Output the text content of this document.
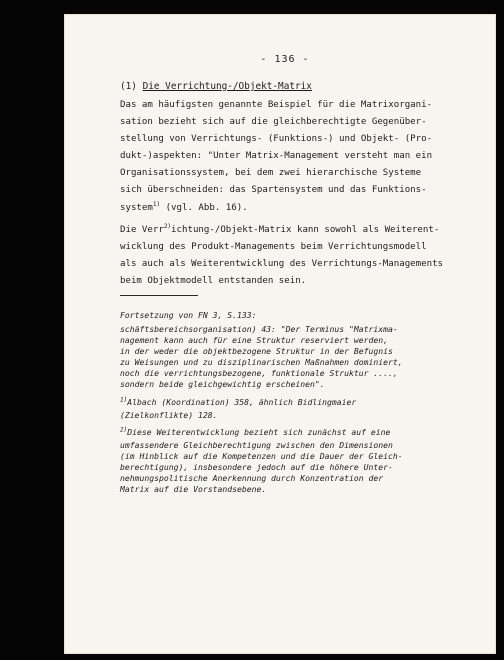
- 136 -
(1) Die Verrichtung-/Objekt-Matrix
Das am häufigsten genannte Beispiel für die Matrixorgani-
sation bezieht sich auf die gleichberechtigte Gegenüber-
stellung von Verrichtungs- (Funktions-) und Objekt- (Pro-
dukt-)aspekten: "Unter Matrix-Management versteht man ein
Organisationssystem, bei dem zwei hierarchische Systeme
sich überschneiden: das Spartensystem und das Funktions-
system$^{1)}$ (vgl. Abb. 16).
Die Verr$^{2)}$ichtung-/Objekt-Matrix kann sowohl als Weiterent-
wicklung des Produkt-Managements beim Verrichtungsmodell
als auch als Weiterentwicklung des Verrichtungs-Managements
beim Objektmodell entstanden sein.
Fortsetzung von FN 3, S.133:
schäftsbereichsorganisation) 43: "Der Terminus "Matrixma-
nagement kann auch für eine Struktur reserviert werden,
in der weder die objektbezogene Struktur in der Befugnis
zu Weisungen und zu disziplinarischen Maßnahmen dominiert,
noch die verrichtungsbezogene, funktionale Struktur ....,
sondern beide gleichgewichtig erscheinen".
$^{1)}$Albach (Koordination) 358, ähnlich Bidlingmaier
(Zielkonflikte) 128.
$^{2)}$Diese Weiterentwicklung bezieht sich zunächst auf eine
umfassendere Gleichberechtigung zwischen den Dimensionen
(im Hinblick auf die Kompetenzen und die Dauer der Gleich-
berechtigung), insbesondere jedoch auf die höhere Unter-
nehmungspolitische Anerkennung durch Konzentration der
Matrix auf die Vorstandsebene.
